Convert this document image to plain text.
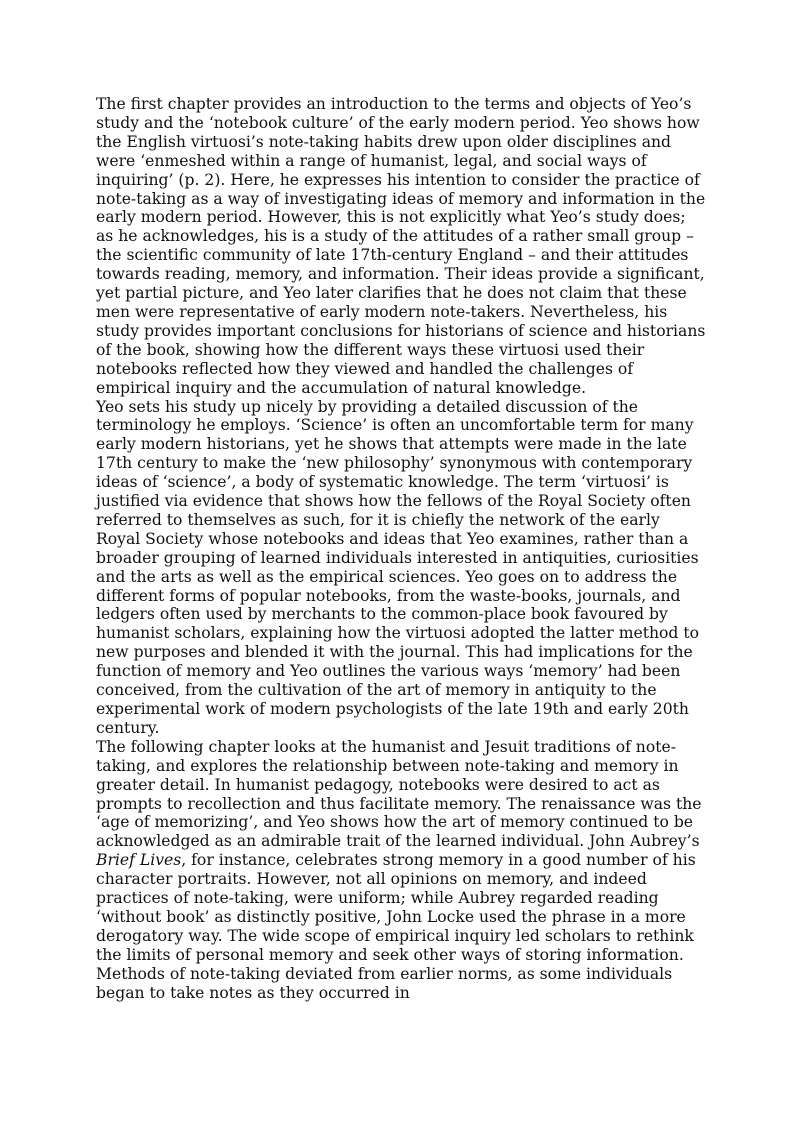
The first chapter provides an introduction to the terms and objects of Yeo’s study and the ‘notebook culture’ of the early modern period. Yeo shows how the English virtuosi’s note-taking habits drew upon older disciplines and were ‘enmeshed within a range of humanist, legal, and social ways of inquiring’ (p. 2). Here, he expresses his intention to consider the practice of note-taking as a way of investigating ideas of memory and information in the early modern period. However, this is not explicitly what Yeo’s study does; as he acknowledges, his is a study of the attitudes of a rather small group – the scientific community of late 17th-century England – and their attitudes towards reading, memory, and information. Their ideas provide a significant, yet partial picture, and Yeo later clarifies that he does not claim that these men were representative of early modern note-takers. Nevertheless, his study provides important conclusions for historians of science and historians of the book, showing how the different ways these virtuosi used their notebooks reflected how they viewed and handled the challenges of empirical inquiry and the accumulation of natural knowledge.

Yeo sets his study up nicely by providing a detailed discussion of the terminology he employs. ‘Science’ is often an uncomfortable term for many early modern historians, yet he shows that attempts were made in the late 17th century to make the ‘new philosophy’ synonymous with contemporary ideas of ‘science’, a body of systematic knowledge. The term ‘virtuosi’ is justified via evidence that shows how the fellows of the Royal Society often referred to themselves as such, for it is chiefly the network of the early Royal Society whose notebooks and ideas that Yeo examines, rather than a broader grouping of learned individuals interested in antiquities, curiosities and the arts as well as the empirical sciences. Yeo goes on to address the different forms of popular notebooks, from the waste-books, journals, and ledgers often used by merchants to the common-place book favoured by humanist scholars, explaining how the virtuosi adopted the latter method to new purposes and blended it with the journal. This had implications for the function of memory and Yeo outlines the various ways ‘memory’ had been conceived, from the cultivation of the art of memory in antiquity to the experimental work of modern psychologists of the late 19th and early 20th century.

The following chapter looks at the humanist and Jesuit traditions of note-taking, and explores the relationship between note-taking and memory in greater detail. In humanist pedagogy, notebooks were desired to act as prompts to recollection and thus facilitate memory. The renaissance was the ‘age of memorizing’, and Yeo shows how the art of memory continued to be acknowledged as an admirable trait of the learned individual. John Aubrey’s Brief Lives, for instance, celebrates strong memory in a good number of his character portraits. However, not all opinions on memory, and indeed practices of note-taking, were uniform; while Aubrey regarded reading ‘without book’ as distinctly positive, John Locke used the phrase in a more derogatory way. The wide scope of empirical inquiry led scholars to rethink the limits of personal memory and seek other ways of storing information. Methods of note-taking deviated from earlier norms, as some individuals began to take notes as they occurred in
